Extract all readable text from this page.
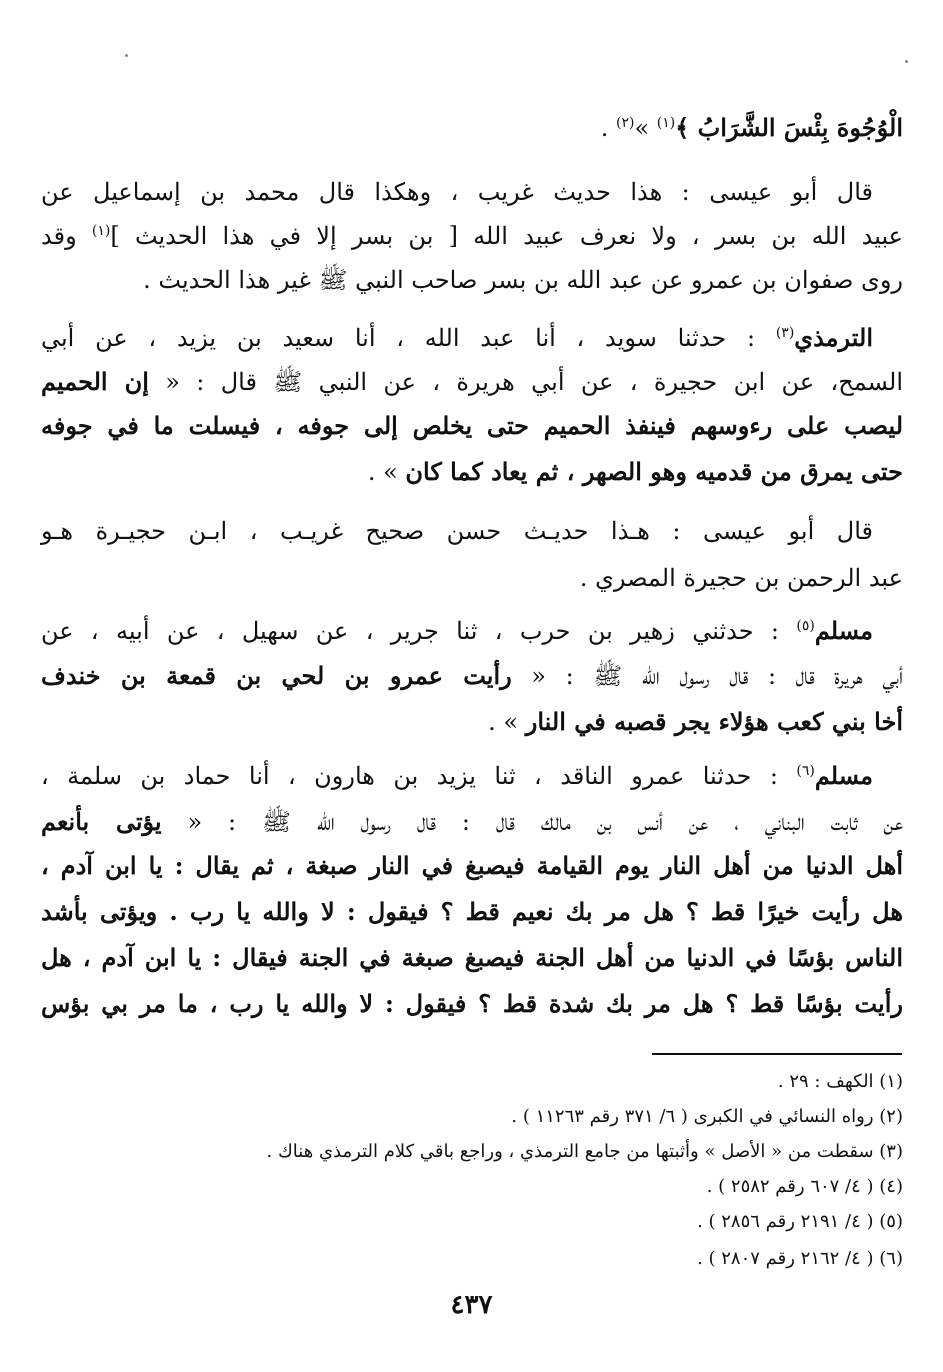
الْوُجُوهَ بِئْسَ الشَّرَابُ ﴾$^{(١)}$ »$^{(٢)}$ .
قال أبو عيسى : هذا حديث غريب ، وهكذا قال محمد بن إسماعيل عن
عبيد الله بن بسر ، ولا نعرف عبيد الله [ بن بسر إلا في هذا الحديث ]$^{(١)}$ وقد
روى صفوان بن عمرو عن عبد الله بن بسر صاحب النبي ﷺ غير هذا الحديث .
الترمذي$^{(٣)}$ : حدثنا سويد ، أنا عبد الله ، أنا سعيد بن يزيد ، عن أبي
السمح، عن ابن حجيرة ، عن أبي هريرة ، عن النبي ﷺ قال : « إن الحميم
ليصب على رءوسهم فينفذ الحميم حتى يخلص إلى جوفه ، فيسلت ما في جوفه
حتى يمرق من قدميه وهو الصهر ، ثم يعاد كما كان » .
قال أبو عيسى : هـذا حديـث حسن صحيح غريـب ، ابـن حجيـرة هـو
عبد الرحمن بن حجيرة المصري .
مسلم$^{(٥)}$ : حدثني زهير بن حرب ، ثنا جرير ، عن سهيل ، عن أبيه ، عن
أبي هريرة قال : قال رسول الله ﷺ : « رأيت عمرو بن لحي بن قمعة بن خندف
أخا بني كعب هؤلاء يجر قصبه في النار » .
مسلم$^{(٦)}$ : حدثنا عمرو الناقد ، ثنا يزيد بن هارون ، أنا حماد بن سلمة ،
عن ثابت البناني ، عن أنس بن مالك قال : قال رسول الله ﷺ : « يؤتى بأنعم
أهل الدنيا من أهل النار يوم القيامة فيصبغ في النار صبغة ، ثم يقال : يا ابن آدم ،
هل رأيت خيرًا قط ؟ هل مر بك نعيم قط ؟ فيقول : لا والله يا رب . ويؤتى بأشد
الناس بؤسًا في الدنيا من أهل الجنة فيصبغ صبغة في الجنة فيقال : يا ابن آدم ، هل
رأيت بؤسًا قط ؟ هل مر بك شدة قط ؟ فيقول : لا والله يا رب ، ما مر بي بؤس
(١) الكهف : ٢٩ .
(٢) رواه النسائي في الكبرى ( ٦/ ٣٧١ رقم ١١٢٦٣ ) .
(٣) سقطت من « الأصل » وأثبتها من جامع الترمذي ، وراجع باقي كلام الترمذي هناك .
(٤) ( ٤/ ٦٠٧ رقم ٢٥٨٢ ) .
(٥) ( ٤/ ٢١٩١ رقم ٢٨٥٦ ) .
(٦) ( ٤/ ٢١٦٢ رقم ٢٨٠٧ ) .
٤٣٧
